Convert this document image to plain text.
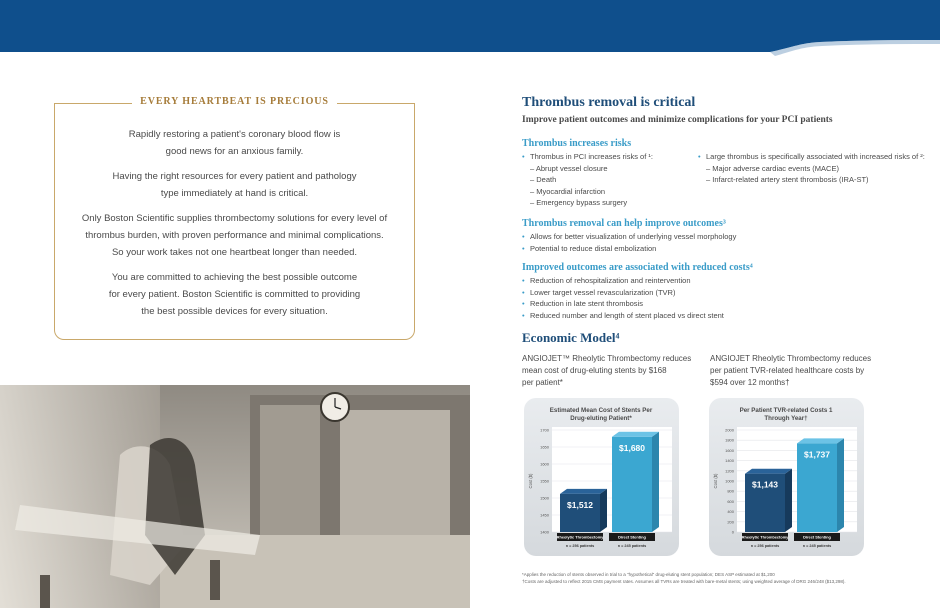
EVERY HEARTBEAT IS PRECIOUS

Rapidly restoring a patient's coronary blood flow is
good news for an anxious family.

Having the right resources for every patient and pathology
type immediately at hand is critical.

Only Boston Scientific supplies thrombectomy solutions for every level of
thrombus burden, with proven performance and minimal complications.
So your work takes not one heartbeat longer than needed.

You are committed to achieving the best possible outcome
for every patient. Boston Scientific is committed to providing
the best possible devices for every situation.

Thrombus removal is critical
Improve patient outcomes and minimize complications for your PCI patients
Thrombus increases risks
• Thrombus in PCI increases risks of ¹:
– Abrupt vessel closure
– Death
– Myocardial infarction
– Emergency bypass surgery
• Large thrombus is specifically associated with increased risks of ²:
– Major adverse cardiac events (MACE)
– Infarct-related artery stent thrombosis (IRA-ST)
Thrombus removal can help improve outcomes³
• Allows for better visualization of underlying vessel morphology
• Potential to reduce distal embolization
Improved outcomes are associated with reduced costs⁴
• Reduction of rehospitalization and reintervention
• Lower target vessel revascularization (TVR)
• Reduction in late stent thrombosis
• Reduced number and length of stent placed vs direct stent
Economic Model⁴
ANGIOJET™ Rheolytic Thrombectomy reduces
mean cost of drug-eluting stents by $168
per patient*
ANGIOJET Rheolytic Thrombectomy reduces
per patient TVR-related healthcare costs by
$594 over 12 months†
Estimated Mean Cost of Stents Per Drug-eluting Patient*
1400
1450
1500
1550
1600
1650
1700
Cost ($)
$1,512
Rheolytic Thrombectomy
n = 256 patients
$1,680
Direct Stenting
n = 245 patients
Per Patient TVR-related Costs 1 Through Year†
0
200
400
600
800
1000
1200
1400
1600
1800
2000
Cost ($)	$1,143
Rheolytic Thrombectomy
n = 256 patients
$1,737
Direct Stenting
n = 245 patients
*Applies the reduction of stents observed in trial to a "hypothetical" drug-eluting stent population; DES ASP estimated at $1,200
†Costs are adjusted to reflect 2015 CMS payment rates. Assumes all TVRs are treated with bare-metal stents; using weighted average of DRG 246/248 ($13,298).
